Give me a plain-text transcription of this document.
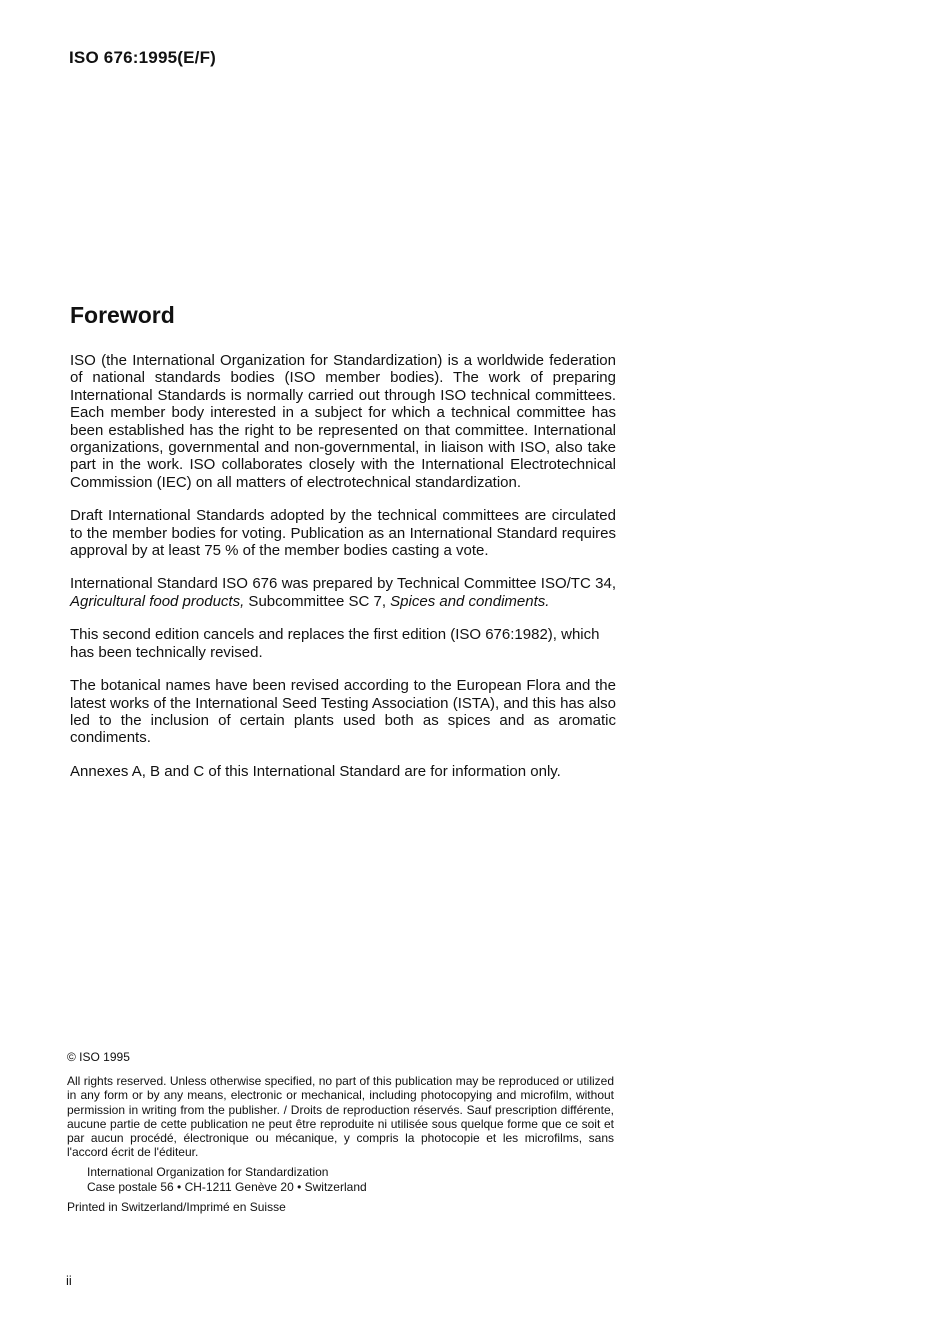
ISO 676:1995(E/F)
Foreword

ISO (the International Organization for Standardization) is a worldwide federation of national standards bodies (ISO member bodies). The work of preparing International Standards is normally carried out through ISO technical committees. Each member body interested in a subject for which a technical committee has been established has the right to be represented on that committee. International organizations, governmental and non-governmental, in liaison with ISO, also take part in the work. ISO collaborates closely with the International Electrotechnical Commission (IEC) on all matters of electrotechnical standardization.

Draft International Standards adopted by the technical committees are circulated to the member bodies for voting. Publication as an International Standard requires approval by at least 75 % of the member bodies casting a vote.

International Standard ISO 676 was prepared by Technical Committee ISO/TC 34, Agricultural food products, Subcommittee SC 7, Spices and condiments.

This second edition cancels and replaces the first edition (ISO 676:1982), which has been technically revised.

The botanical names have been revised according to the European Flora and the latest works of the International Seed Testing Association (ISTA), and this has also led to the inclusion of certain plants used both as spices and as aromatic condiments.

Annexes A, B and C of this International Standard are for information only.

© ISO 1995
All rights reserved. Unless otherwise specified, no part of this publication may be reproduced or utilized in any form or by any means, electronic or mechanical, including photocopying and microfilm, without permission in writing from the publisher. / Droits de reproduction réservés. Sauf prescription différente, aucune partie de cette publication ne peut être reproduite ni utilisée sous quelque forme que ce soit et par aucun procédé, électronique ou mécanique, y compris la photocopie et les microfilms, sans l'accord écrit de l'éditeur.
International Organization for Standardization
Case postale 56 • CH-1211 Genève 20 • Switzerland
Printed in Switzerland/Imprimé en Suisse
ii
